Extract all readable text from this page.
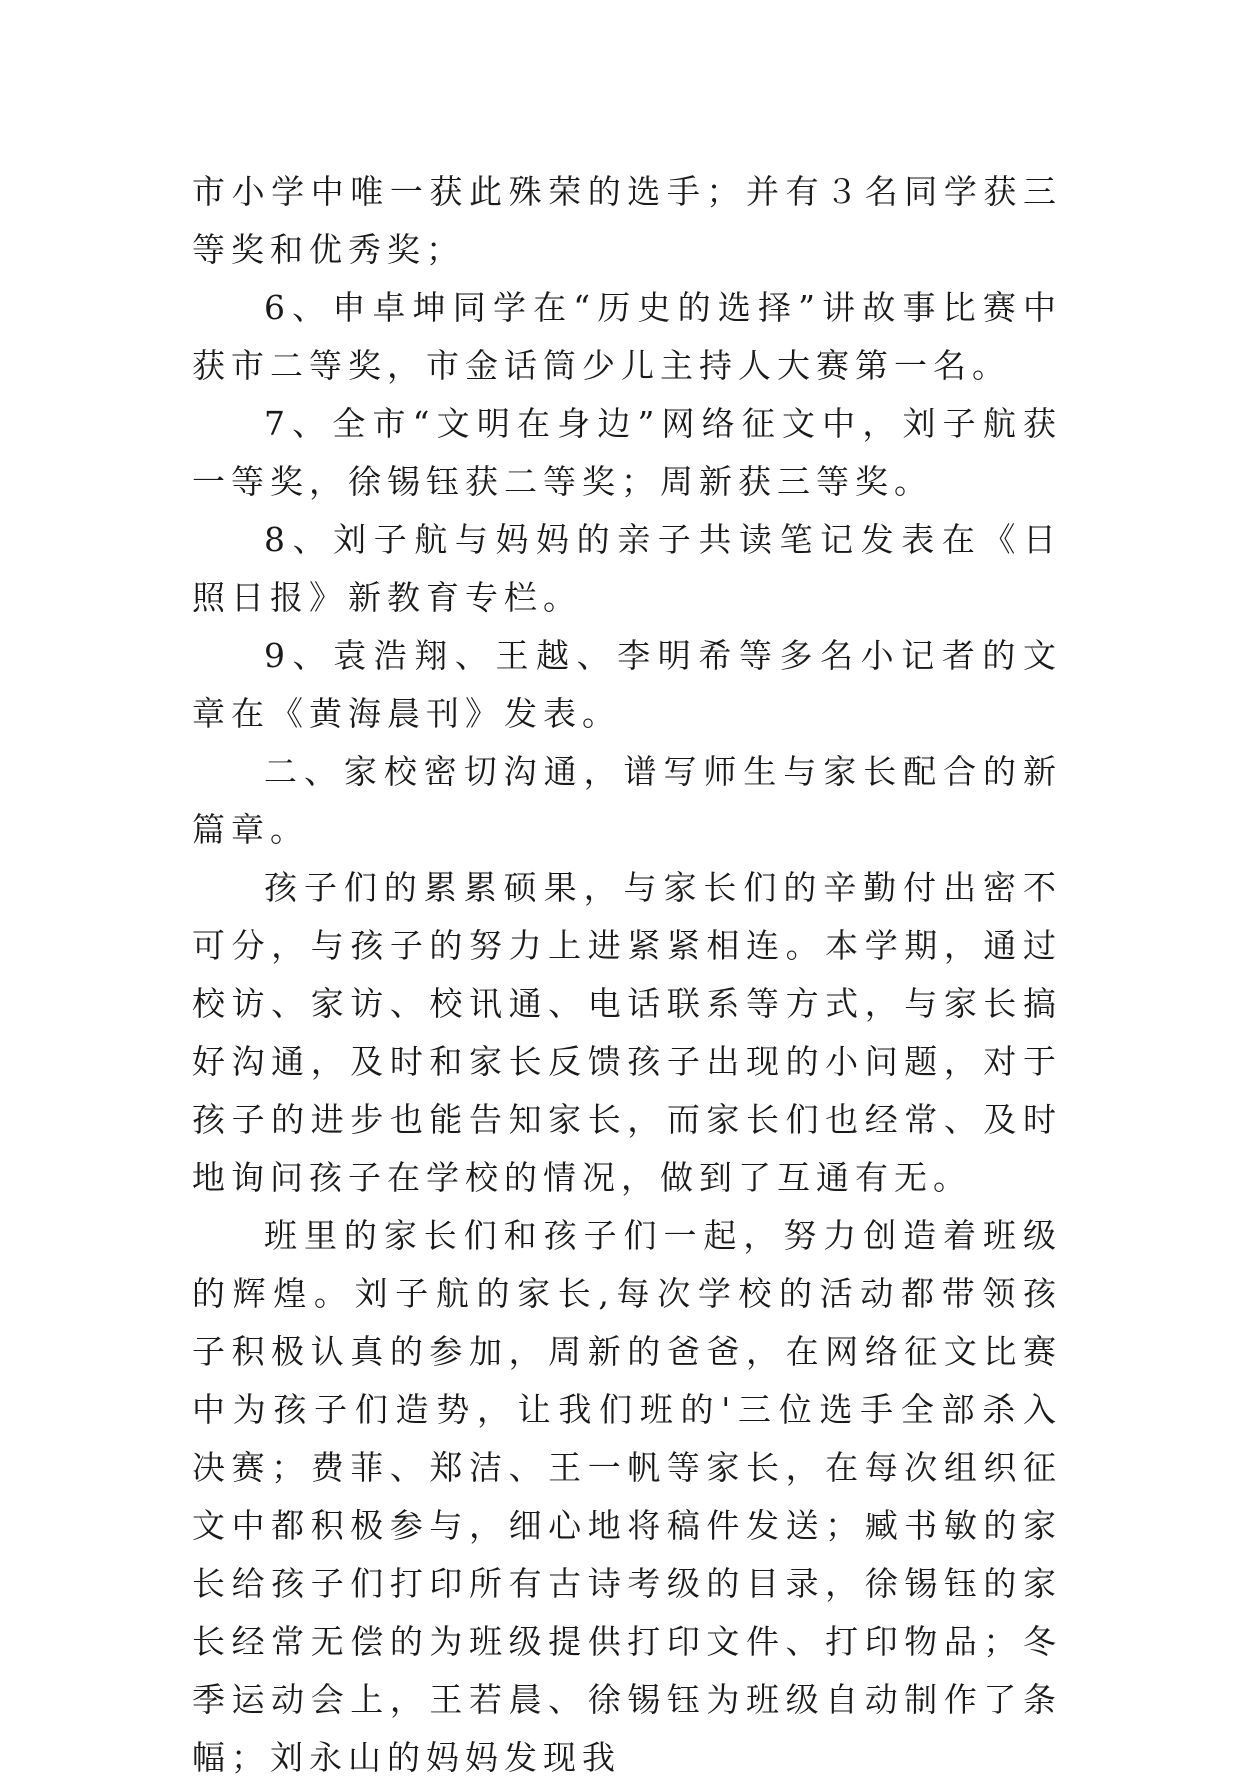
市小学中唯一获此殊荣的选手；并有３名同学获三等奖和优秀奖；

6、申卓坤同学在“历史的选择”讲故事比赛中获市二等奖，市金话筒少儿主持人大赛第一名。

7、全市“文明在身边”网络征文中，刘子航获一等奖，徐锡钰获二等奖；周新获三等奖。

8、刘子航与妈妈的亲子共读笔记发表在《日照日报》新教育专栏。

9、袁浩翔、王越、李明希等多名小记者的文章在《黄海晨刊》发表。

二、家校密切沟通，谱写师生与家长配合的新篇章。

孩子们的累累硕果，与家长们的辛勤付出密不可分，与孩子的努力上进紧紧相连。本学期，通过校访、家访、校讯通、电话联系等方式，与家长搞好沟通，及时和家长反馈孩子出现的小问题，对于孩子的进步也能告知家长，而家长们也经常、及时地询问孩子在学校的情况，做到了互通有无。

班里的家长们和孩子们一起，努力创造着班级的辉煌。刘子航的家长,每次学校的活动都带领孩子积极认真的参加，周新的爸爸，在网络征文比赛中为孩子们造势，让我们班的'三位选手全部杀入决赛；费菲、郑洁、王一帆等家长，在每次组织征文中都积极参与，细心地将稿件发送；臧书敏的家长给孩子们打印所有古诗考级的目录，徐锡钰的家长经常无偿的为班级提供打印文件、打印物品；冬季运动会上，王若晨、徐锡钰为班级自动制作了条幅；刘永山的妈妈发现我
